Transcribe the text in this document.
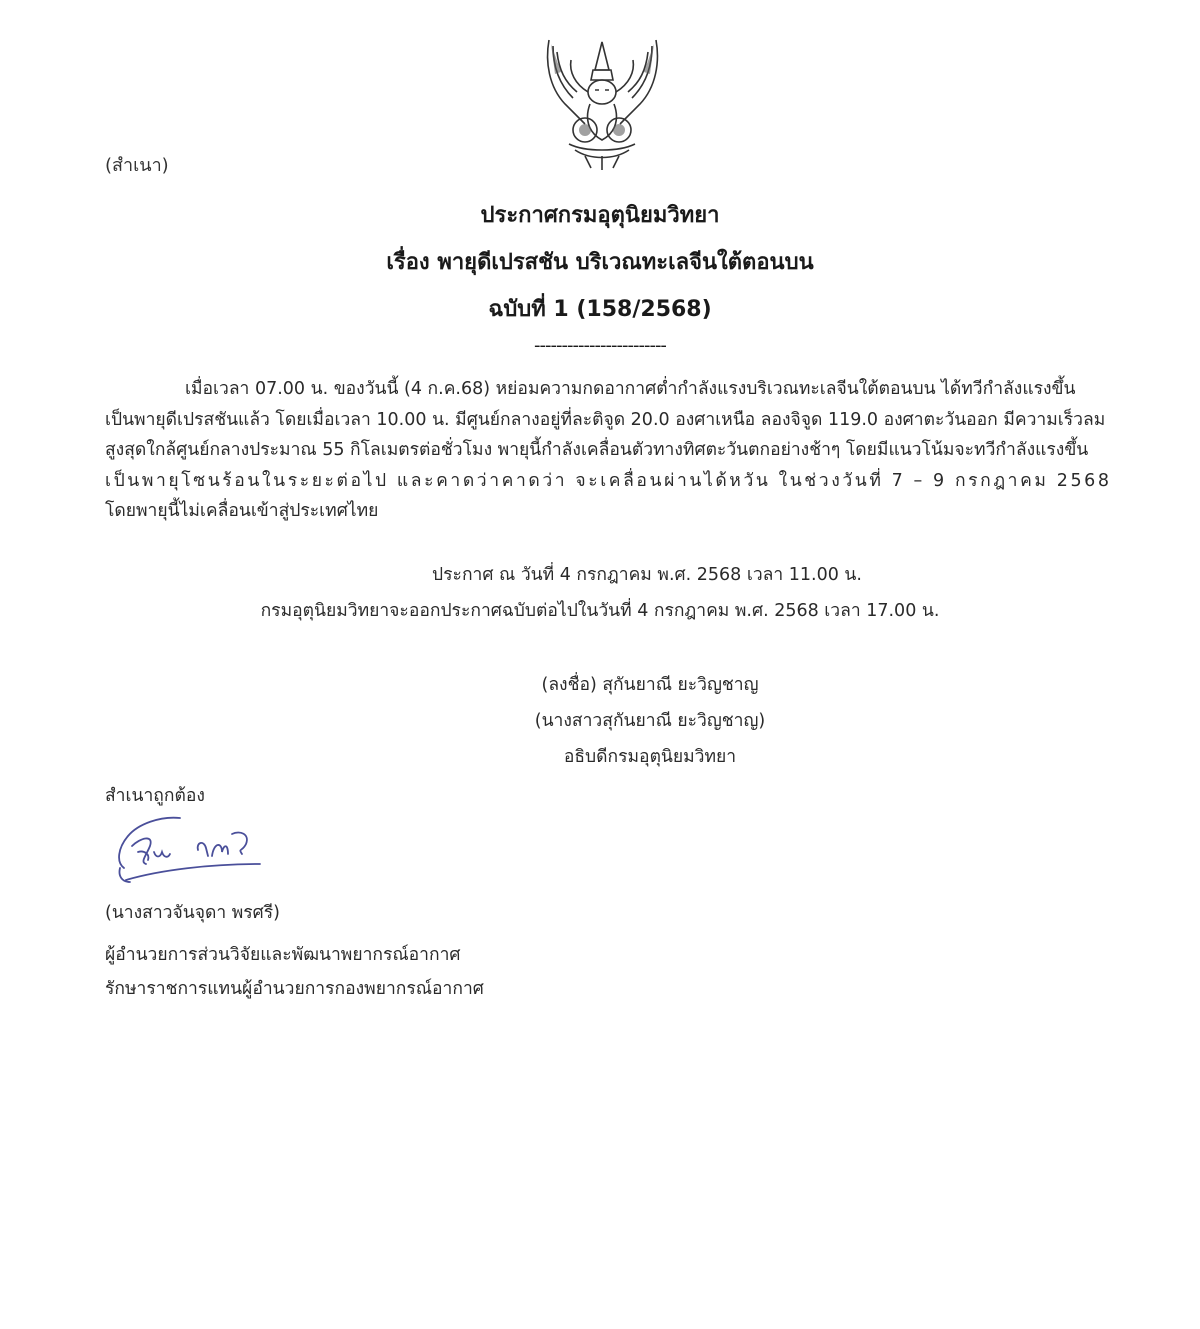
(สำเนา)
ประกาศกรมอุตุนิยมวิทยา
เรื่อง พายุดีเปรสชัน บริเวณทะเลจีนใต้ตอนบน
ฉบับที่ 1 (158/2568)
------------------------
เมื่อเวลา 07.00 น. ของวันนี้ (4 ก.ค.68) หย่อมความกดอากาศต่ำกำลังแรงบริเวณทะเลจีนใต้ตอนบน ได้ทวีกำลังแรงขึ้น
เป็นพายุดีเปรสชันแล้ว โดยเมื่อเวลา 10.00 น. มีศูนย์กลางอยู่ที่ละติจูด 20.0 องศาเหนือ ลองจิจูด 119.0 องศาตะวันออก มีความเร็วลม
สูงสุดใกล้ศูนย์กลางประมาณ 55 กิโลเมตรต่อชั่วโมง พายุนี้กำลังเคลื่อนตัวทางทิศตะวันตกอย่างช้าๆ โดยมีแนวโน้มจะทวีกำลังแรงขึ้น
เป็นพายุโซนร้อนในระยะต่อไป และคาดว่าคาดว่า จะเคลื่อนผ่านได้หวัน ในช่วงวันที่ 7 – 9 กรกฎาคม 2568
โดยพายุนี้ไม่เคลื่อนเข้าสู่ประเทศไทย
ประกาศ ณ วันที่ 4 กรกฎาคม พ.ศ. 2568 เวลา 11.00 น.
กรมอุตุนิยมวิทยาจะออกประกาศฉบับต่อไปในวันที่ 4 กรกฎาคม พ.ศ. 2568 เวลา 17.00 น.
(ลงชื่อ) สุกันยาณี ยะวิญชาญ
(นางสาวสุกันยาณี ยะวิญชาญ)
อธิบดีกรมอุตุนิยมวิทยา
สำเนาถูกต้อง
(นางสาวจันจุดา พรศรี)
ผู้อำนวยการส่วนวิจัยและพัฒนาพยากรณ์อากาศ
รักษาราชการแทนผู้อำนวยการกองพยากรณ์อากาศ
